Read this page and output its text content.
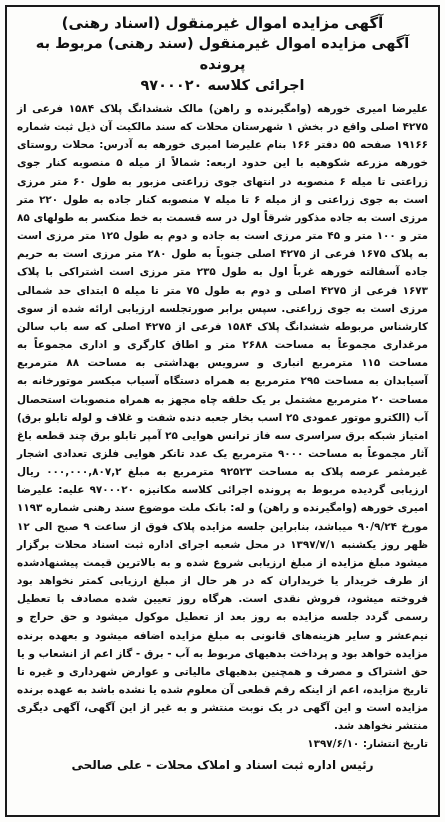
آگهی مزایده اموال غیرمنقول (اسناد رهنی)
آگهی مزایده اموال غیرمنقول (سند رهنی) مربوط به پرونده
اجرائی کلاسه ۹۷۰۰۰۲۰
علیرضا امیری خورهه (وامگیرنده و راهن) مالک ششدانگ پلاک ۱۵۸۴ فرعی از ۴۲۷۵ اصلی واقع در بخش ۱ شهرستان محلات که سند مالکیت آن ذیل ثبت شماره ۱۹۱۶۶ صفحه ۵۵ دفتر ۱۶۶ بنام علیرضا امیری خورهه به آدرس: محلات روستای خورهه مزرعه شکوهیه با این حدود اربعه: شمالاً از میله ۵ منصوبه کنار جوی زراعتی تا میله ۶ منصوبه در انتهای جوی زراعتی مزبور به طول ۶۰ متر مرزی است به جوی زراعتی و از میله ۶ تا میله ۷ منصوبه کنار جاده به طول ۲۲۰ متر مرزی است به جاده مذکور شرقاً اول در سه قسمت به خط منکسر به طولهای ۸۵ متر و ۱۰۰ متر و ۴۵ متر مرزی است به جاده و دوم به طول ۱۲۵ متر مرزی است به پلاک ۱۶۷۵ فرعی از ۴۲۷۵ اصلی جنوباً به طول ۲۸۰ متر مرزی است به حریم جاده آسفالته خورهه غرباً اول به طول ۲۳۵ متر مرزی است اشتراکی با پلاک ۱۶۷۳ فرعی از ۴۲۷۵ اصلی و دوم به طول ۷۵ متر تا میله ۵ ابتدای حد شمالی مرزی است به جوی زراعتی. سپس برابر صورتجلسه ارزیابی ارائه شده از سوی کارشناس مربوطه ششدانگ پلاک ۱۵۸۴ فرعی از ۴۲۷۵ اصلی که سه باب سالن مرغداری مجموعاً به مساحت ۲۶۸۸ متر و اطاق کارگری و اداری مجموعاً به مساحت ۱۱۵ مترمربع انباری و سرویس بهداشتی به مساحت ۸۸ مترمربع آسیابدان به مساحت ۲۹۵ مترمربع به همراه دستگاه آسیاب میکسر موتورخانه به مساحت ۲۰ مترمربع مشتمل بر یک حلقه چاه مجهز به همراه منصوبات استحصال آب (الکترو موتور عمودی ۲۵ اسب بخار جعبه دنده شفت و غلاف و لوله تابلو برق) امتیاز شبکه برق سراسری سه فاز ترانس هوایی ۲۵ آمپر تابلو برق چند قطعه باغ آثار مجموعاً به مساحت ۹۰۰۰ مترمربع یک عدد تانکر هوایی فلزی تعدادی اشجار غیرمثمر عرصه پلاک به مساحت ۹۲۵۲۳ مترمربع به مبلغ ۰۰۰,۰۰۰,۸۰۷,۲ ریال ارزیابی گردیده مربوط به پرونده اجرائی کلاسه مکانیزه ۹۷۰۰۰۲۰ علیه: علیرضا امیری خورهه (وامگیرنده و راهن) و له: بانک ملت موضوع سند رهنی شماره ۱۱۹۳ مورخ ۹۰/۹/۲۴ میباشد، بنابراین جلسه مزایده پلاک فوق از ساعت ۹ صبح الی ۱۲ ظهر روز یکشنبه ۱۳۹۷/۷/۱ در محل شعبه اجرای اداره ثبت اسناد محلات برگزار میشود مبلغ مزایده از مبلغ ارزیابی شروع شده و به بالاترین قیمت پیشنهادشده از طرف خریدار یا خریداران که در هر حال از مبلغ ارزیابی کمتر نخواهد بود فروخته میشود، فروش نقدی است. هرگاه روز تعیین شده مصادف با تعطیل رسمی گردد جلسه مزایده به روز بعد از تعطیل موکول میشود و حق حراج و نیم‌عشر و سایر هزینه‌های قانونی به مبلغ مزایده اضافه میشود و بعهده برنده مزایده خواهد بود و پرداخت بدهیهای مربوط به آب - برق - گاز اعم از انشعاب و یا حق اشتراک و مصرف و همچنین بدهیهای مالیاتی و عوارض شهرداری و غیره تا تاریخ مزایده، اعم از اینکه رقم قطعی آن معلوم شده یا نشده باشد به عهده برنده مزایده است و این آگهی در یک نوبت منتشر و به غیر از این آگهی، آگهی دیگری منتشر نخواهد شد.
تاریخ انتشار: ۱۳۹۷/۶/۱۰
رئیس اداره ثبت اسناد و املاک محلات - علی صالحی
